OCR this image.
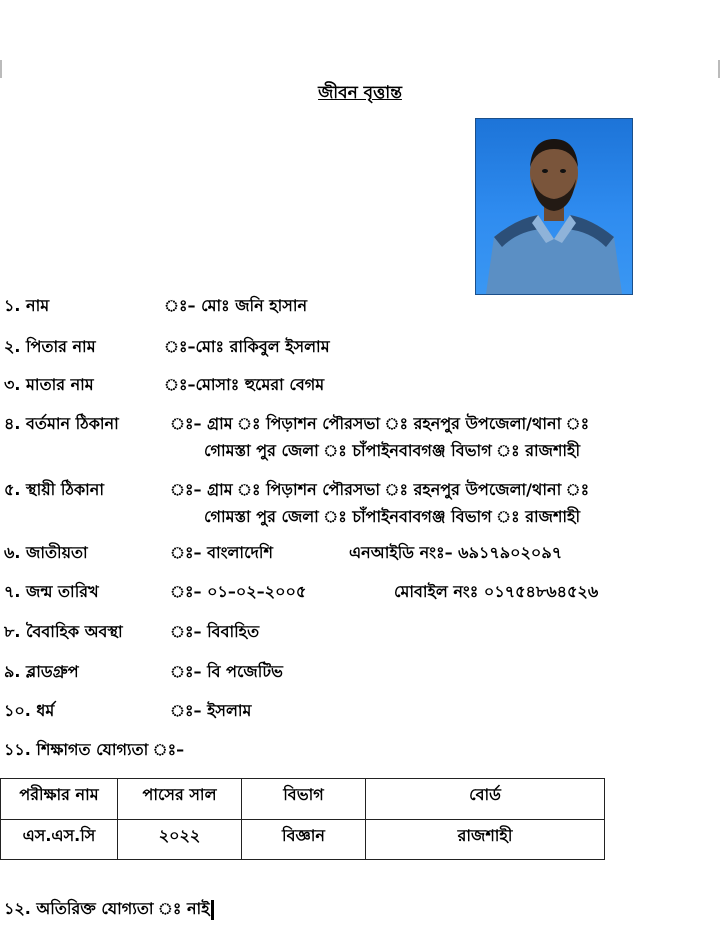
জীবন বৃত্তান্ত
১. নাম	ঃ– মোঃ জনি হাসান
২. পিতার নাম	ঃ–মোঃ রাকিবুল ইসলাম
৩. মাতার নাম	ঃ–মোসাঃ হুমেরা বেগম
৪. বর্তমান ঠিকানা	ঃ– গ্রাম ঃ পিড়াশন পৌরসভা ঃ রহনপুর উপজেলা/থানা ঃ
গোমস্তা পুর জেলা ঃ চাঁপাইনবাবগঞ্জ বিভাগ ঃ রাজশাহী
৫. স্থায়ী ঠিকানা	ঃ– গ্রাম ঃ পিড়াশন পৌরসভা ঃ রহনপুর উপজেলা/থানা ঃ
গোমস্তা পুর জেলা ঃ চাঁপাইনবাবগঞ্জ বিভাগ ঃ রাজশাহী
৬. জাতীয়তা	ঃ– বাংলাদেশি	এনআইডি নংঃ– ৬৯১৭৯০২০৯৭
৭. জন্ম তারিখ	ঃ– ০১–০২–২০০৫	মোবাইল নংঃ ০১৭৫৪৮৬৪৫২৬
৮. বৈবাহিক অবস্থা	ঃ– বিবাহিত
৯. ব্লাডগ্রুপ	ঃ– বি পজেটিভ
১০. ধর্ম	ঃ– ইসলাম
১১. শিক্ষাগত যোগ্যতা ঃ–
পরীক্ষার নাম	পাসের সাল	বিভাগ	বোর্ড
এস.এস.সি	২০২২	বিজ্ঞান	রাজশাহী
১২. অতিরিক্ত যোগ্যতা ঃ নাই
